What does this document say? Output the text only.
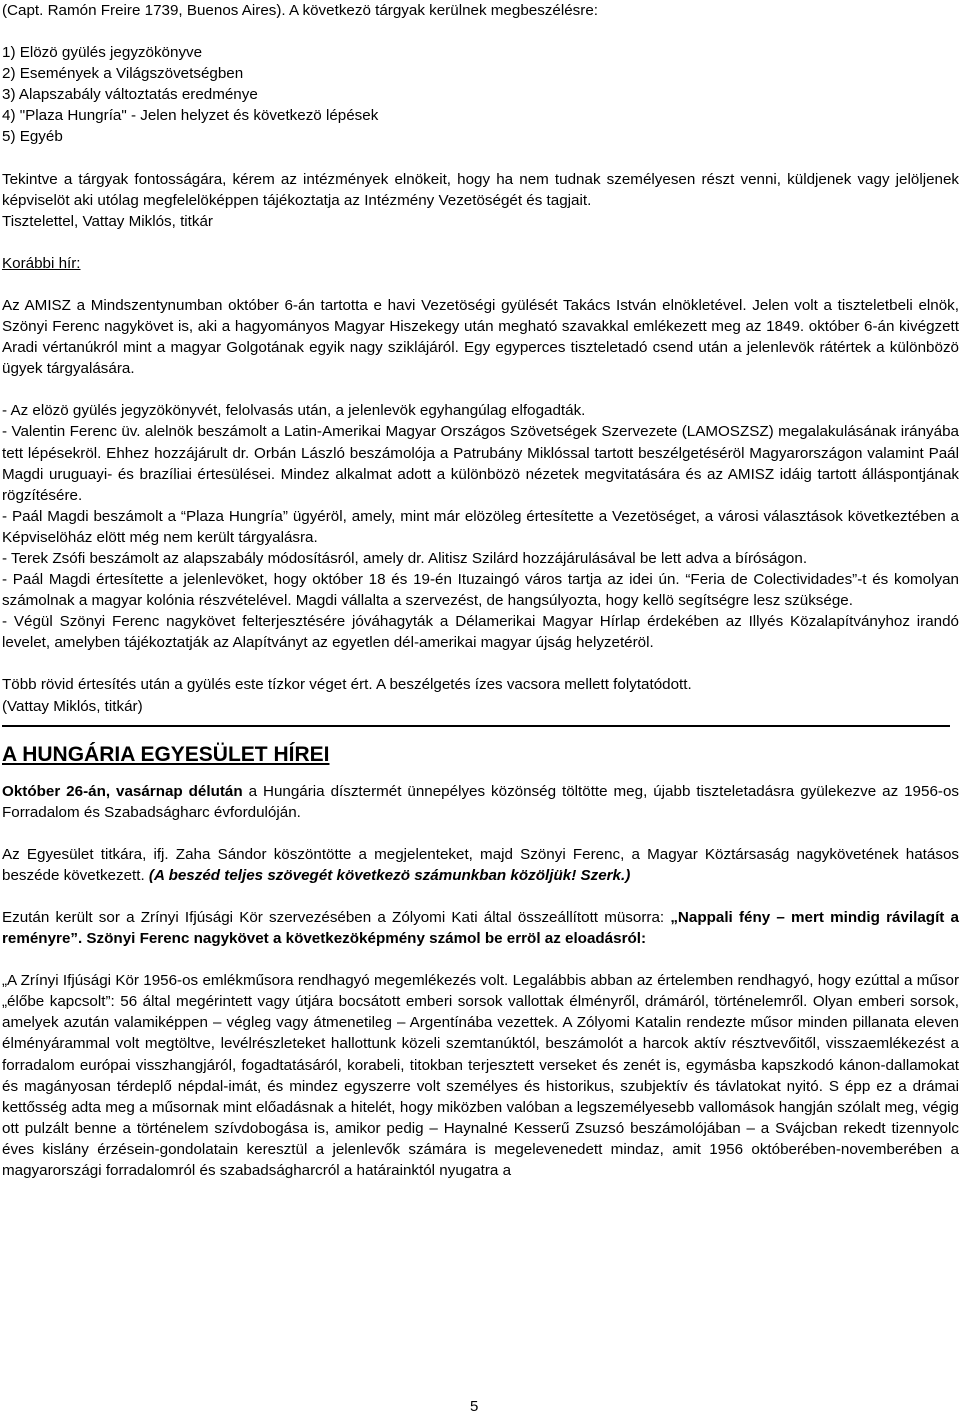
(Capt. Ramón Freire 1739, Buenos Aires). A következö tárgyak kerülnek megbeszélésre:

1) Elözö gyülés jegyzökönyve

2) Események a Világszövetségben

3) Alapszabály változtatás eredménye

4) "Plaza Hungría" - Jelen helyzet és következö lépések

5) Egyéb

Tekintve a tárgyak fontosságára, kérem az intézmények elnökeit, hogy ha nem tudnak személyesen részt venni, küldjenek vagy jelöljenek képviselöt aki utólag megfelelöképpen tájékoztatja az Intézmény Vezetöségét és tagjait.

Tisztelettel, Vattay Miklós, titkár

Korábbi hír:

Az AMISZ a Mindszentynumban október 6-án tartotta e havi Vezetöségi gyülését Takács István elnökletével. Jelen volt a tiszteletbeli elnök, Szönyi Ferenc nagykövet is, aki a hagyományos Magyar Hiszekegy után megható szavakkal emlékezett meg az 1849. október 6-án kivégzett Aradi vértanúkról mint a magyar Golgotának egyik nagy sziklájáról. Egy egyperces tiszteletadó csend után a jelenlevök rátértek a különbözö ügyek tárgyalására.

- Az elözö gyülés jegyzökönyvét, felolvasás után, a jelenlevök egyhangúlag elfogadták.

- Valentin Ferenc üv. alelnök beszámolt a Latin-Amerikai Magyar Országos Szövetségek Szervezete (LAMOSZSZ) megalakulásának irányába tett lépésekröl. Ehhez hozzájárult dr. Orbán László beszámolója a Patrubány Miklóssal tartott beszélgetéséröl Magyarországon valamint Paál Magdi uruguayi- és brazíliai értesülései. Mindez alkalmat adott a különbözö nézetek megvitatására és az AMISZ idáig tartott álláspontjának rögzítésére.

- Paál Magdi beszámolt a “Plaza Hungría” ügyéröl, amely, mint már elözöleg értesítette a Vezetöséget, a városi választások következtében a Képviselöház elött még nem került tárgyalásra.

- Terek Zsófi beszámolt az alapszabály módosításról, amely dr. Alitisz Szilárd hozzájárulásával be lett adva a bíróságon.

- Paál Magdi értesítette a jelenlevöket, hogy október 18 és 19-én Ituzaingó város tartja az idei ún. “Feria de Colectividades”-t és komolyan számolnak a magyar kolónia részvételével. Magdi vállalta a szervezést, de hangsúlyozta, hogy kellö segítségre lesz szüksége.

- Végül Szönyi Ferenc nagykövet felterjesztésére jóváhagyták a Délamerikai Magyar Hírlap érdekében az Illyés Közalapítványhoz irandó levelet, amelyben tájékoztatják az Alapítványt az egyetlen dél-amerikai magyar újság helyzetéröl.

Több rövid értesítés után a gyülés este tízkor véget ért. A beszélgetés ízes vacsora mellett folytatódott.

(Vattay Miklós, titkár)

A HUNGÁRIA EGYESÜLET HÍREI

Október 26-án, vasárnap délután a Hungária dísztermét ünnepélyes közönség töltötte meg, újabb tiszteletadásra gyülekezve az 1956-os Forradalom és Szabadságharc évfordulóján.

Az Egyesület titkára, ifj. Zaha Sándor köszöntötte a megjelenteket, majd Szönyi Ferenc, a Magyar Köztársaság nagykövetének hatásos beszéde következett. (A beszéd teljes szövegét következö számunkban közöljük! Szerk.)

Ezután került sor a Zrínyi Ifjúsági Kör szervezésében a Zólyomi Kati által összeállított müsorra: „Nappali fény – mert mindig rávilagít a reményre”. Szönyi Ferenc nagykövet a következöképmény számol be erröl az eloadásról:

„A Zrínyi Ifjúsági Kör 1956-os emlékműsora rendhagyó megemlékezés volt. Legalábbis abban az értelemben rendhagyó, hogy ezúttal a műsor „élőbe kapcsolt”: 56 által megérintett vagy útjára bocsátott emberi sorsok vallottak élményről, drámáról, történelemről. Olyan emberi sorsok, amelyek azután valamiképpen – végleg vagy átmenetileg – Argentínába vezettek. A Zólyomi Katalin rendezte műsor minden pillanata eleven élményárammal volt megtöltve, levélrészleteket hallottunk közeli szemtanúktól, beszámolót a harcok aktív résztvevőitől, visszaemlékezést a forradalom európai visszhangjáról, fogadtatásáról, korabeli, titokban terjesztett verseket és zenét is, egymásba kapszkodó kánon-dallamokat és magányosan térdeplő népdal-imát, és mindez egyszerre volt személyes és historikus, szubjektív és távlatokat nyitó. S épp ez a drámai kettősség adta meg a műsornak mint előadásnak a hitelét, hogy miközben valóban a legszemélyesebb vallomások hangján szólalt meg, végig ott pulzált benne a történelem szívdobogása is, amikor pedig – Haynalné Kesserű Zsuzsó beszámolójában – a Svájcban rekedt tizennyolc éves kislány érzésein-gondolatain keresztül a jelenlevők számára is megelevenedett mindaz, amit 1956 októberében-novemberében a magyarországi forradalomról és szabadságharcról a határainktól nyugatra a

5
